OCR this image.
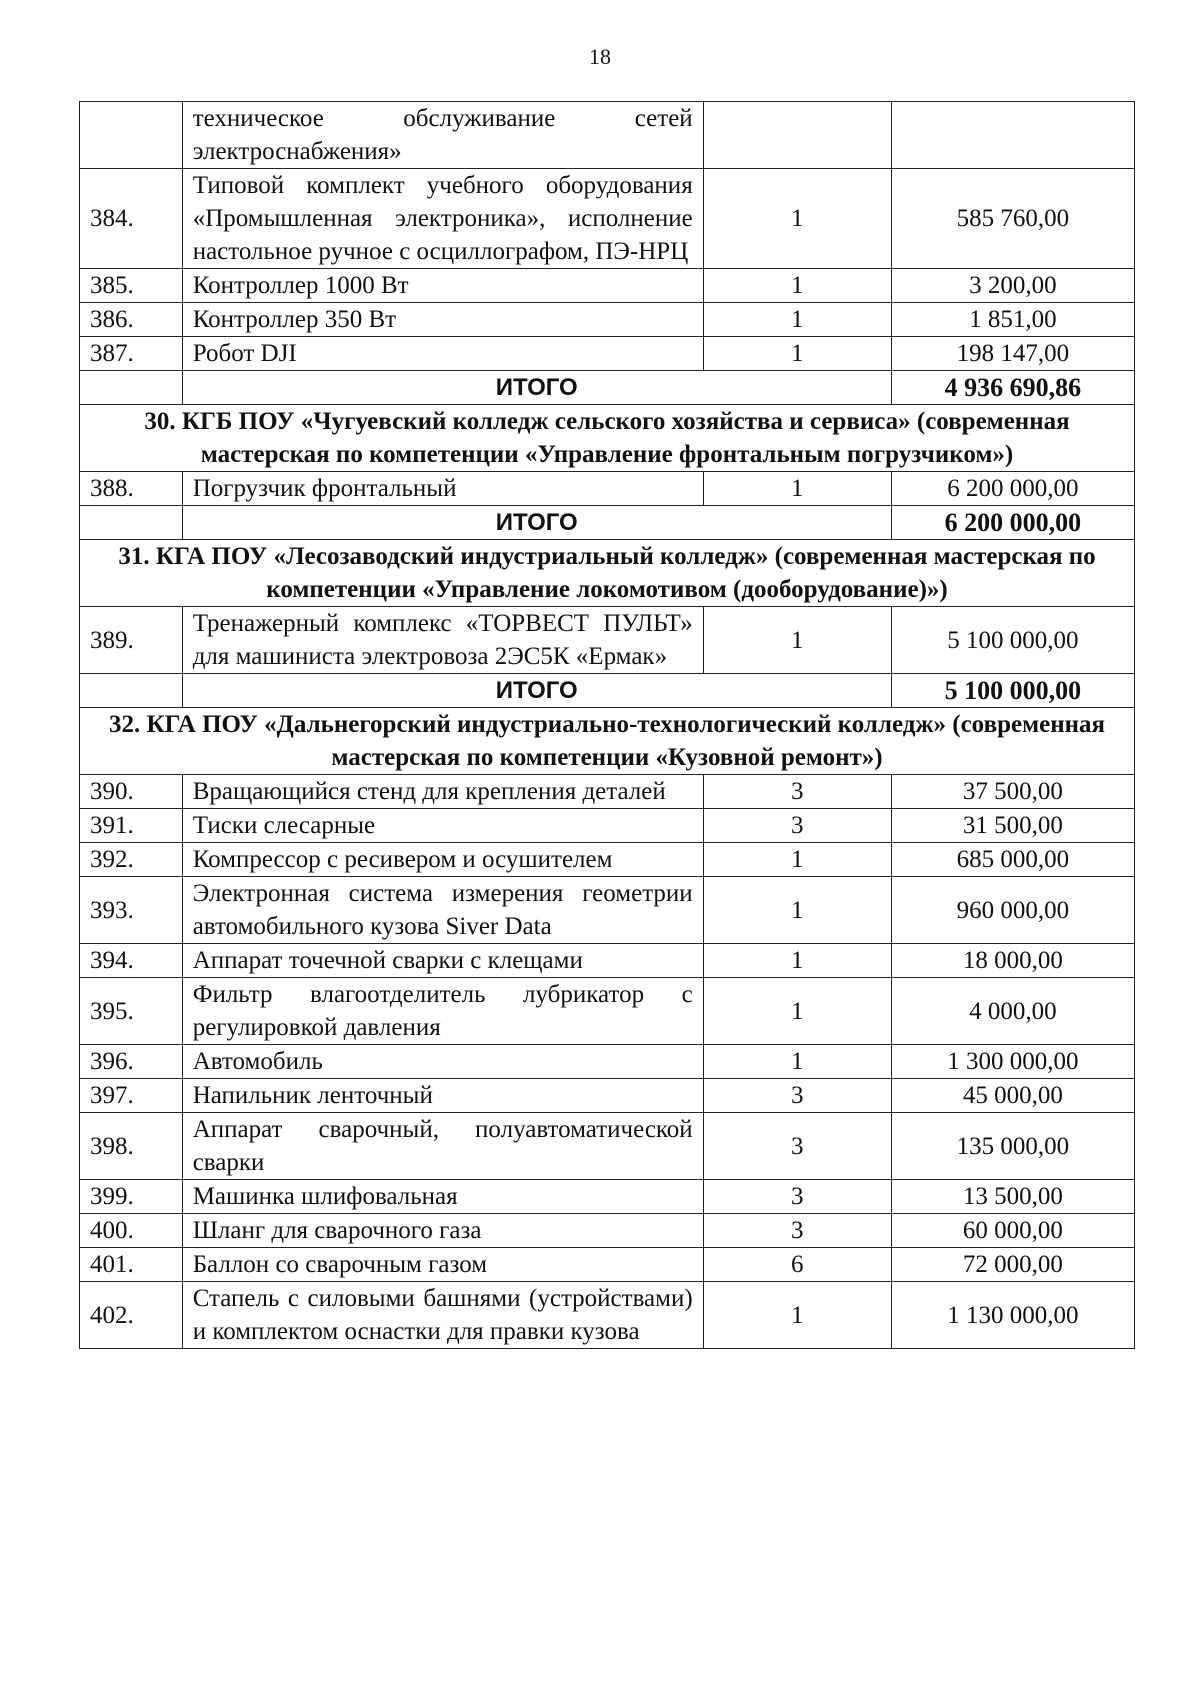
18
	техническое обслуживание сетей электроснабжения»		
384.	Типовой комплект учебного оборудования «Промышленная электроника», исполнение настольное ручное с осциллографом, ПЭ-НРЦ	1	585 760,00
385.	Контроллер 1000 Вт	1	3 200,00
386.	Контроллер 350 Вт	1	1 851,00
387.	Робот DJI	1	198 147,00
	ИТОГО		4 936 690,86
30. КГБ ПОУ «Чугуевский колледж сельского хозяйства и сервиса» (современная мастерская по компетенции «Управление фронтальным погрузчиком»)			
388.	Погрузчик фронтальный	1	6 200 000,00
	ИТОГО		6 200 000,00
31. КГА ПОУ «Лесозаводский индустриальный колледж» (современная мастерская по компетенции «Управление локомотивом (дооборудование)»)			
389.	Тренажерный комплекс «ТОРВЕСТ ПУЛЬТ» для машиниста электровоза 2ЭС5К «Ермак»	1	5 100 000,00
	ИТОГО		5 100 000,00
32. КГА ПОУ «Дальнегорский индустриально-технологический колледж» (современная мастерская по компетенции «Кузовной ремонт»)			
390.	Вращающийся стенд для крепления деталей	3	37 500,00
391.	Тиски слесарные	3	31 500,00
392.	Компрессор с ресивером и осушителем	1	685 000,00
393.	Электронная система измерения геометрии автомобильного кузова Siver Data	1	960 000,00
394.	Аппарат точечной сварки с клещами	1	18 000,00
395.	Фильтр влагоотделитель лубрикатор с регулировкой давления	1	4 000,00
396.	Автомобиль	1	1 300 000,00
397.	Напильник ленточный	3	45 000,00
398.	Аппарат сварочный, полуавтоматической сварки	3	135 000,00
399.	Машинка шлифовальная	3	13 500,00
400.	Шланг для сварочного газа	3	60 000,00
401.	Баллон со сварочным газом	6	72 000,00
402.	Стапель с силовыми башнями (устройствами) и комплектом оснастки для правки кузова	1	1 130 000,00
